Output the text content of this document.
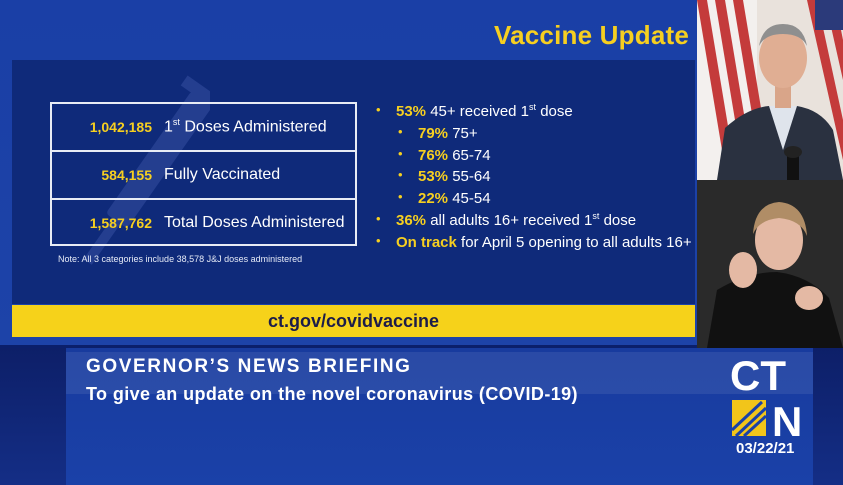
Vaccine Update
1,042,185 1st Doses Administered
584,155 Fully Vaccinated
1,587,762 Total Doses Administered
Note: All 3 categories include 38,578 J&J doses administered
• 53% 45+ received 1st dose
• 79% 75+
• 76% 65-74
• 53% 55-64
• 22% 45-54
• 36% all adults 16+ received 1st dose
• On track for April 5 opening to all adults 16+
ct.gov/covidvaccine
GOVERNOR’S NEWS BRIEFING
To give an update on the novel coronavirus (COVID-19)	CT
N
03/22/21
